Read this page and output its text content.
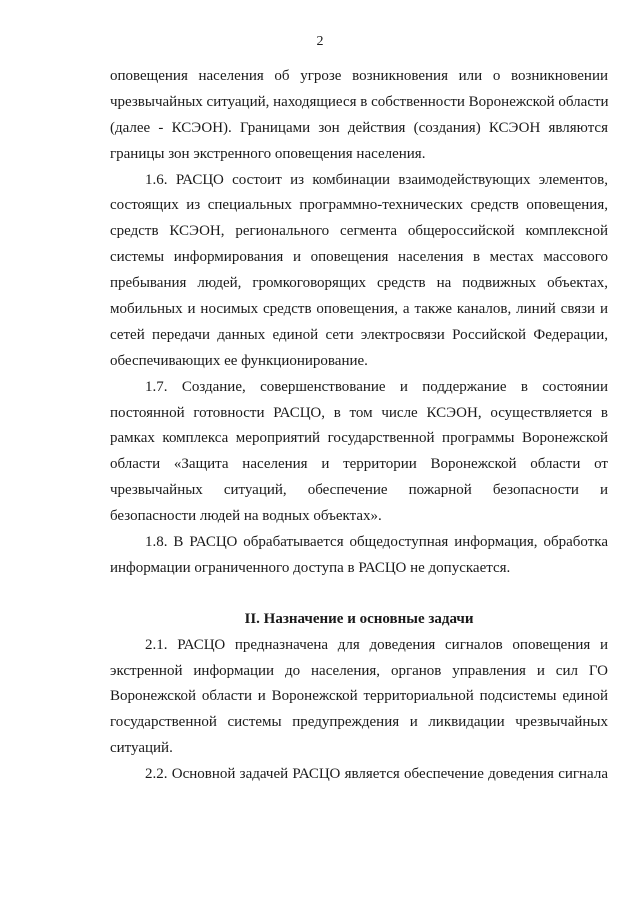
2
оповещения населения об угрозе возникновения или о возникновении
чрезвычайных ситуаций, находящиеся в собственности Воронежской области
(далее - КСЭОН). Границами зон действия (создания) КСЭОН являются
границы зон экстренного оповещения населения.
1.6. РАСЦО состоит из комбинации взаимодействующих элементов,
состоящих из специальных программно-технических средств оповещения,
средств КСЭОН, регионального сегмента общероссийской комплексной
системы информирования и оповещения населения в местах массового
пребывания людей, громкоговорящих средств на подвижных объектах,
мобильных и носимых средств оповещения, а также каналов, линий связи и
сетей передачи данных единой сети электросвязи Российской Федерации,
обеспечивающих ее функционирование.
1.7. Создание, совершенствование и поддержание в состоянии
постоянной готовности РАСЦО, в том числе КСЭОН, осуществляется в
рамках комплекса мероприятий государственной программы Воронежской
области «Защита населения и территории Воронежской области от
чрезвычайных ситуаций, обеспечение пожарной безопасности и
безопасности людей на водных объектах».
1.8. В РАСЦО обрабатывается общедоступная информация, обработка
информации ограниченного доступа в РАСЦО не допускается.
II. Назначение и основные задачи
2.1. РАСЦО предназначена для доведения сигналов оповещения и
экстренной информации до населения, органов управления и сил ГО
Воронежской области и Воронежской территориальной подсистемы единой
государственной системы предупреждения и ликвидации чрезвычайных
ситуаций.
2.2. Основной задачей РАСЦО является обеспечение доведения сигнала
